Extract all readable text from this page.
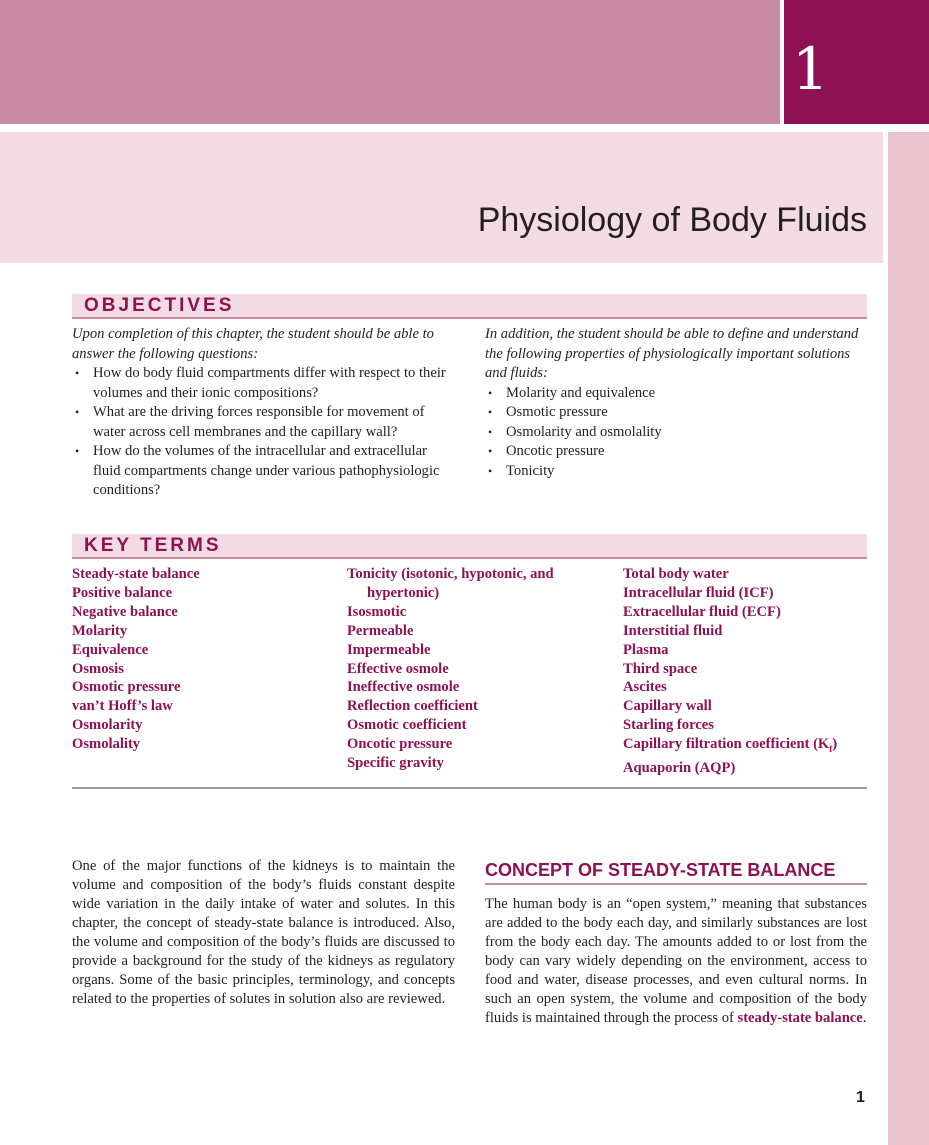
1
Physiology of Body Fluids
OBJECTIVES

Upon completion of this chapter, the student should be able to answer the following questions:

• How do body fluid compartments differ with respect to their volumes and their ionic compositions?
• What are the driving forces responsible for movement of water across cell membranes and the capillary wall?
• How do the volumes of the intracellular and extracellular fluid compartments change under various pathophysiologic conditions?

In addition, the student should be able to define and understand the following properties of physiologically important solutions and fluids:

• Molarity and equivalence
• Osmotic pressure
• Osmolarity and osmolality
• Oncotic pressure
• Tonicity
KEY TERMS
Steady-state balance
Positive balance
Negative balance
Molarity
Equivalence
Osmosis
Osmotic pressure
van’t Hoff’s law
Osmolarity
Osmolality
Tonicity (isotonic, hypotonic, and
hypertonic)
Isosmotic
Permeable
Impermeable
Effective osmole
Ineffective osmole
Reflection coefficient
Osmotic coefficient
Oncotic pressure
Specific gravity
Total body water
Intracellular fluid (ICF)
Extracellular fluid (ECF)
Interstitial fluid
Plasma
Third space
Ascites
Capillary wall
Starling forces
Capillary filtration coefficient $(K_f)$
Aquaporin (AQP)

One of the major functions of the kidneys is to maintain the volume and composition of the body’s fluids constant despite wide variation in the daily intake of water and solutes. In this chapter, the concept of steady-state balance is introduced. Also, the volume and composition of the body’s fluids are discussed to provide a background for the study of the kidneys as regulatory organs. Some of the basic principles, terminology, and concepts related to the properties of solutes in solution also are reviewed.

CONCEPT OF STEADY-STATE BALANCE

The human body is an “open system,” meaning that substances are added to the body each day, and similarly substances are lost from the body each day. The amounts added to or lost from the body can vary widely depending on the environment, access to food and water, disease processes, and even cultural norms. In such an open system, the volume and composition of the body fluids is maintained through the process of steady-state balance.

1
